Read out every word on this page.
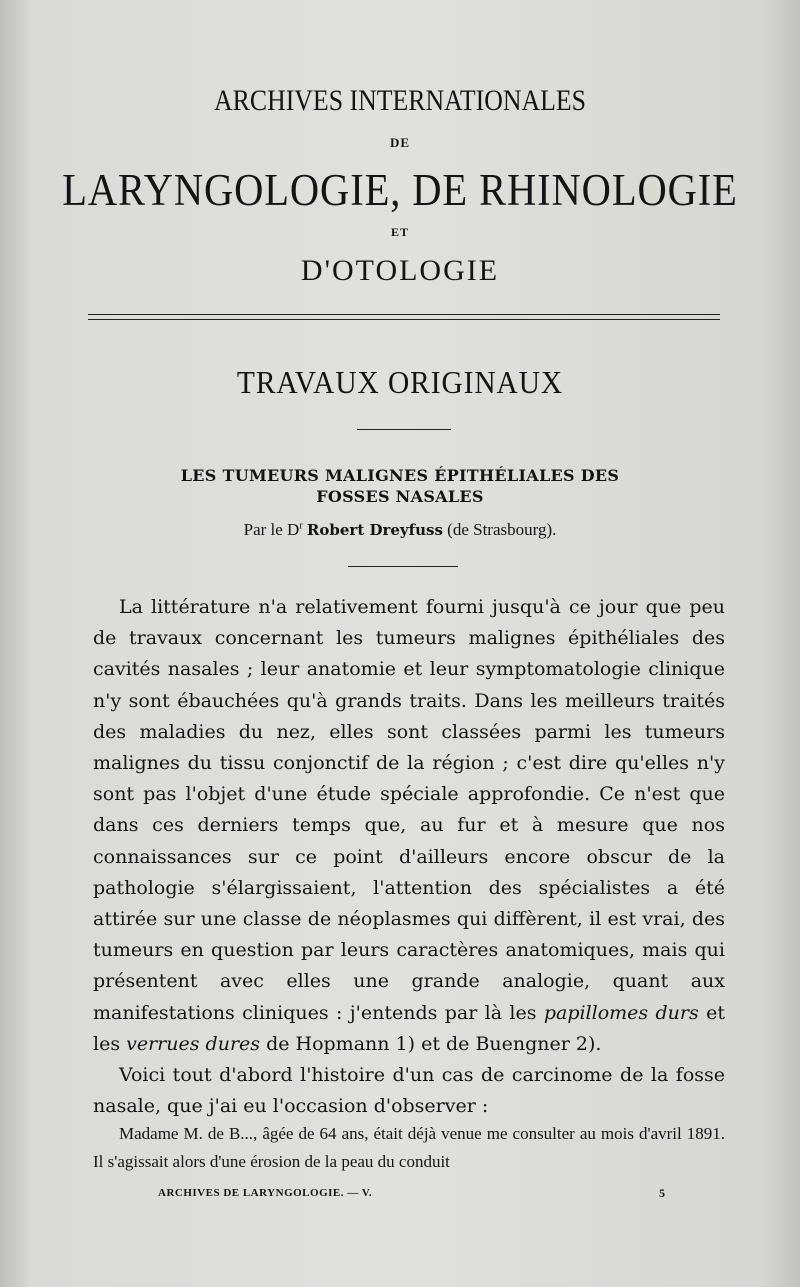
ARCHIVES INTERNATIONALES
DE
LARYNGOLOGIE, DE RHINOLOGIE
ET
D'OTOLOGIE
TRAVAUX ORIGINAUX
LES TUMEURS MALIGNES ÉPITHÉLIALES DES
FOSSES NASALES
Par le $D^r$ Robert Dreyfuss (de Strasbourg).

La littérature n'a relativement fourni jusqu'à ce jour que peu de travaux concernant les tumeurs malignes épithéliales des cavités nasales ; leur anatomie et leur symptomatologie clinique n'y sont ébauchées qu'à grands traits. Dans les meilleurs traités des maladies du nez, elles sont classées parmi les tumeurs malignes du tissu conjonctif de la région ; c'est dire qu'elles n'y sont pas l'objet d'une étude spéciale approfondie. Ce n'est que dans ces derniers temps que, au fur et à mesure que nos connaissances sur ce point d'ailleurs encore obscur de la pathologie s'élargissaient, l'attention des spécialistes a été attirée sur une classe de néoplasmes qui diffèrent, il est vrai, des tumeurs en question par leurs caractères anatomiques, mais qui présentent avec elles une grande analogie, quant aux manifestations cliniques : j'entends par là les papillomes durs et les verrues dures de Hopmann 1) et de Buengner 2).

Voici tout d'abord l'histoire d'un cas de carcinome de la fosse nasale, que j'ai eu l'occasion d'observer :

Madame M. de B..., âgée de 64 ans, était déjà venue me consulter au mois d'avril 1891. Il s'agissait alors d'une érosion de la peau du conduit

ARCHIVES DE LARYNGOLOGIE. — V.	5
